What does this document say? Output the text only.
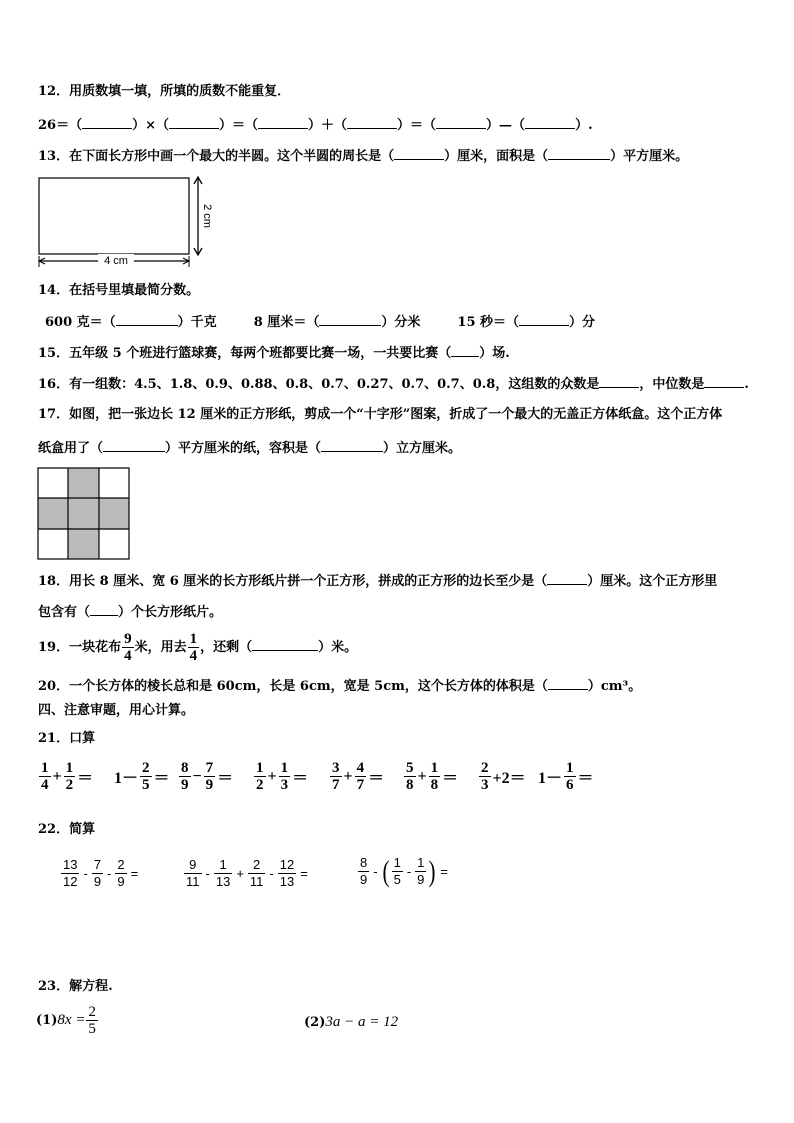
12．用质数填一填，所填的质数不能重复．
26＝（	）×（	）＝（	）＋（	）＝（	）—（	）.
13．在下面长方形中画一个最大的半圆。这个半圆的周长是（	）厘米，面积是（	）平方厘米。
2 cm
4 cm
14．在括号里填最简分数。
600 克＝（	）千克	8 厘米＝（	）分米	15 秒＝（	）分
15．五年级 5 个班进行篮球赛，每两个班都要比赛一场，一共要比赛（ ）场.
16．有一组数：4.5、1.8、0.9、0.88、0.8、0.7、0.27、0.7、0.7、0.8，这组数的众数是	，中位数是	.
17．如图，把一张边长 12 厘米的正方形纸，剪成一个“十字形”图案，折成了一个最大的无盖正方体纸盒。这个正方体
纸盒用了（	）平方厘米的纸，容积是（	）立方厘米。
18．用长 8 厘米、宽 6 厘米的长方形纸片拼一个正方形，拼成的正方形的边长至少是（	）厘米。这个正方形里
包含有（ ）个长方形纸片。
19．一块花布 $\frac{9}{4}$ 米，用去 $\frac{1}{4}$ ，还剩（	）米。
20．一个长方体的棱长总和是 60cm，长是 6cm，宽是 5cm，这个长方体的体积是（	）cm³。
四、注意审题，用心计算。
21．口算
$\frac{1}{4} + \frac{1}{2} = 1- \frac{2}{5} = \frac{8}{9} - \frac{7}{9} = \frac{1}{2} + \frac{1}{3} = \frac{3}{7} + \frac{4}{7} = \frac{5}{8} + \frac{1}{8} = \frac{2}{3} +2= 1- \frac{1}{6}$ ＝
22．简算
$\frac{13}{12} - \frac{7}{9} - \frac{2}{9}$ =	$\frac{9}{11} - \frac{1}{13} + \frac{2}{11} - \frac{12}{13}$ =	$\frac{8}{9}$ - ( $\frac{1}{5} - \frac{1}{9}$ ) =
23．解方程.
(1) $8x = \frac{2}{5}$	(2) 3a − a = 12
